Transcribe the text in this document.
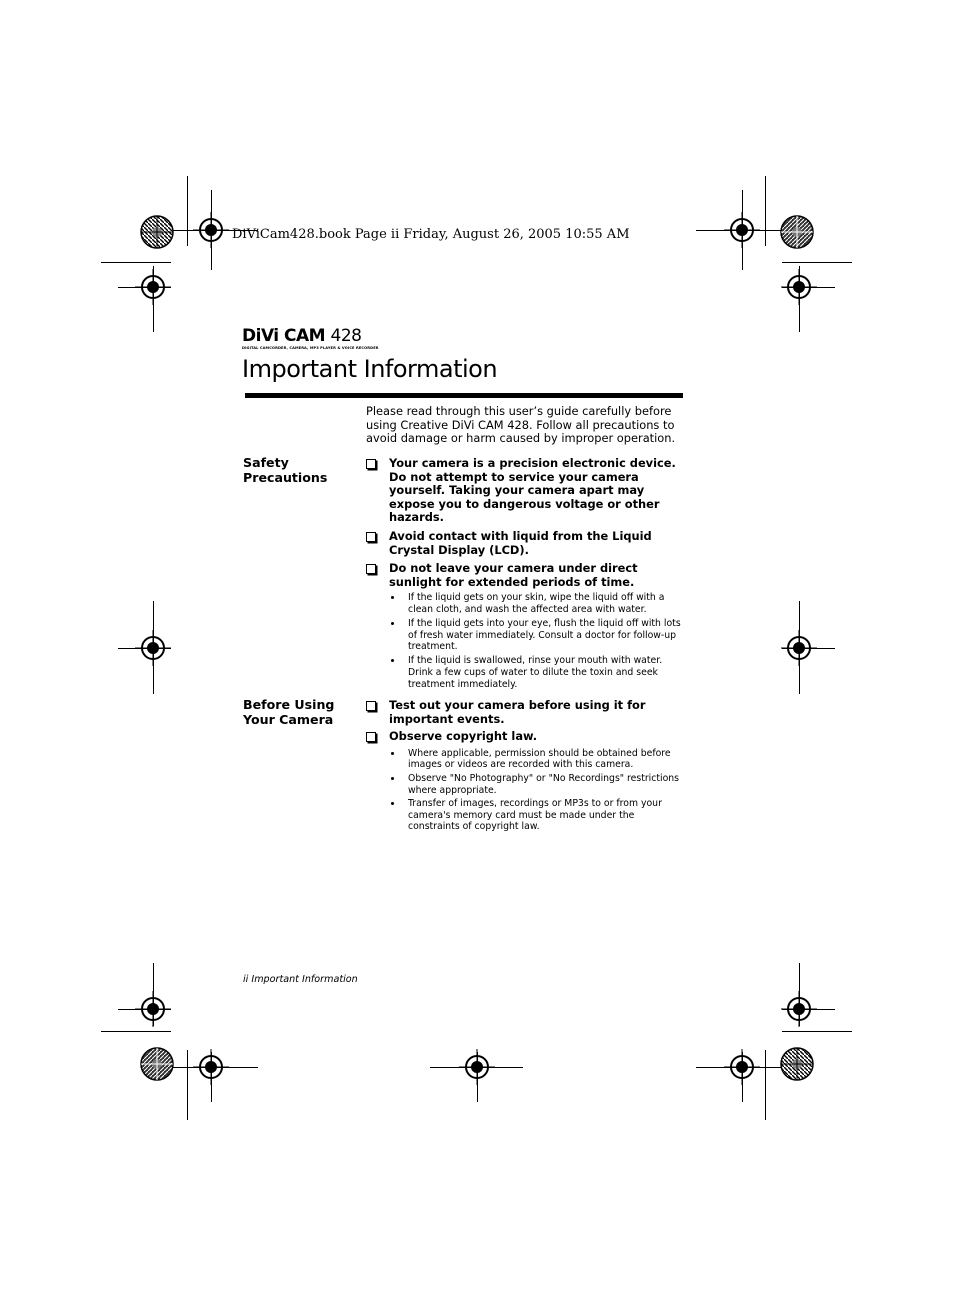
DiViCam428.book Page ii Friday, August 26, 2005 10:55 AM
DiVi CAM 428
DIGITAL CAMCORDER, CAMERA, MP3 PLAYER & VOICE RECORDER
Important Information
Please read through this user’s guide carefully before using Creative DiVi CAM 428. Follow all precautions to avoid damage or harm caused by improper operation.
Safety Precautions
Your camera is a precision electronic device. Do not attempt to service your camera yourself. Taking your camera apart may expose you to dangerous voltage or other hazards.
Avoid contact with liquid from the Liquid Crystal Display (LCD).
Do not leave your camera under direct sunlight for extended periods of time.
If the liquid gets on your skin, wipe the liquid off with a clean cloth, and wash the affected area with water.
If the liquid gets into your eye, flush the liquid off with lots of fresh water immediately. Consult a doctor for follow-up treatment.
If the liquid is swallowed, rinse your mouth with water. Drink a few cups of water to dilute the toxin and seek treatment immediately.
Before Using Your Camera
Test out your camera before using it for important events.
Observe copyright law.
Where applicable, permission should be obtained before images or videos are recorded with this camera.
Observe "No Photography" or "No Recordings" restrictions where appropriate.
Transfer of images, recordings or MP3s to or from your camera's memory card must be made under the constraints of copyright law.
ii Important Information
